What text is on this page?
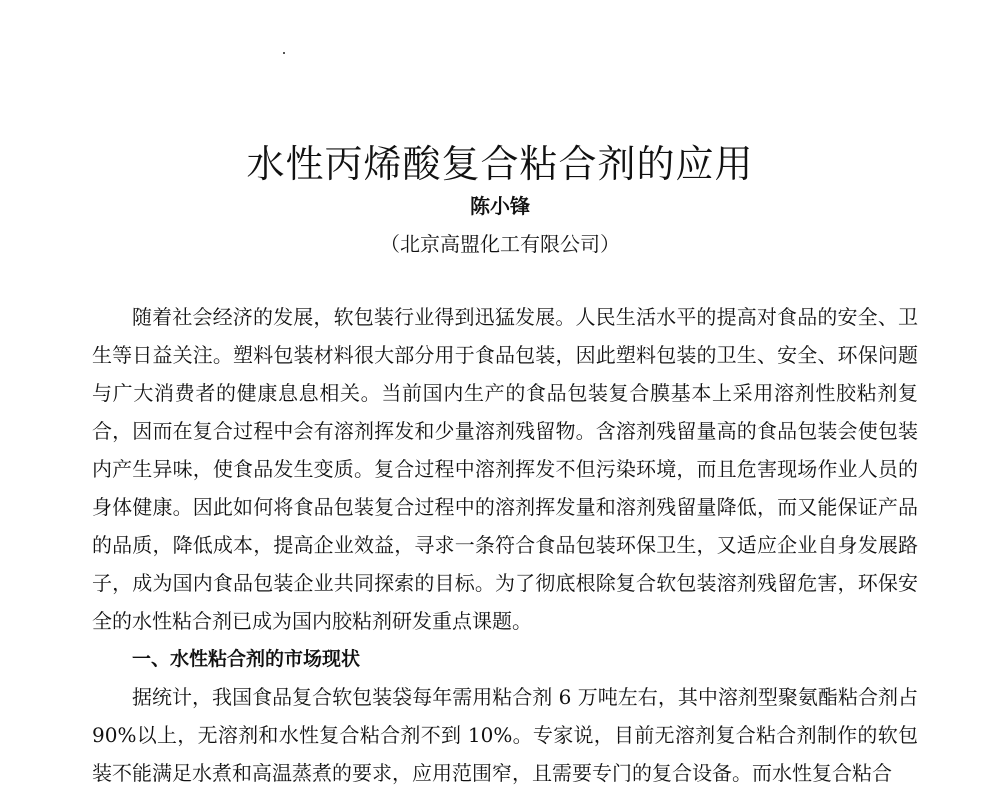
水性丙烯酸复合粘合剂的应用
陈小锋
（北京高盟化工有限公司）

随着社会经济的发展，软包装行业得到迅猛发展。人民生活水平的提高对食品的安全、卫生等日益关注。塑料包装材料很大部分用于食品包装，因此塑料包装的卫生、安全、环保问题与广大消费者的健康息息相关。当前国内生产的食品包装复合膜基本上采用溶剂性胶粘剂复合，因而在复合过程中会有溶剂挥发和少量溶剂残留物。含溶剂残留量高的食品包装会使包装内产生异味，使食品发生变质。复合过程中溶剂挥发不但污染环境，而且危害现场作业人员的身体健康。因此如何将食品包装复合过程中的溶剂挥发量和溶剂残留量降低，而又能保证产品的品质，降低成本，提高企业效益，寻求一条符合食品包装环保卫生，又适应企业自身发展路子，成为国内食品包装企业共同探索的目标。为了彻底根除复合软包装溶剂残留危害，环保安全的水性粘合剂已成为国内胶粘剂研发重点课题。

一、水性粘合剂的市场现状

据统计，我国食品复合软包装袋每年需用粘合剂 6 万吨左右，其中溶剂型聚氨酯粘合剂占 90%以上，无溶剂和水性复合粘合剂不到 10%。专家说，目前无溶剂复合粘合剂制作的软包装不能满足水煮和高温蒸煮的要求，应用范围窄，且需要专门的复合设备。而水性复合粘合
